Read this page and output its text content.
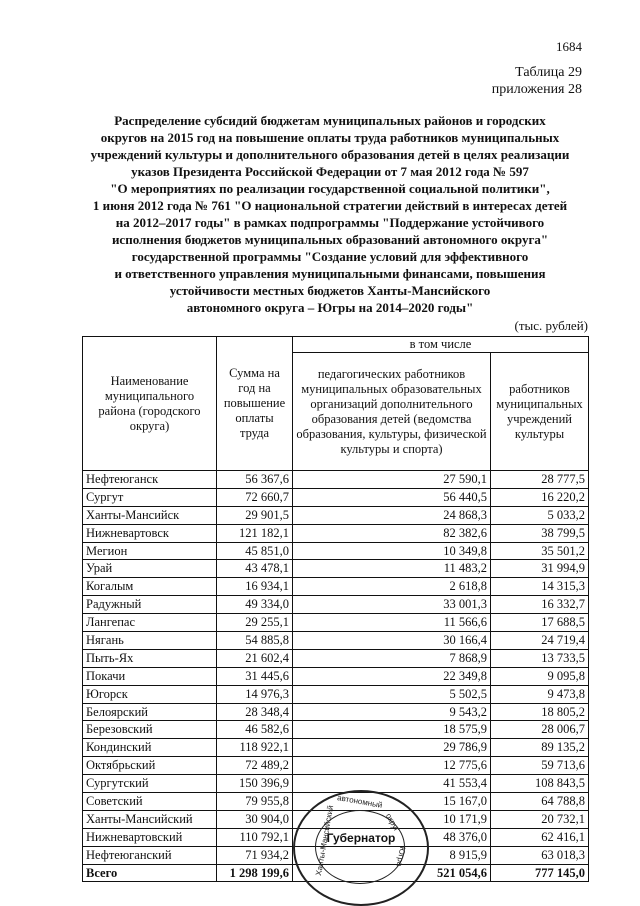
1684
Таблица 29
приложения 28
Распределение субсидий бюджетам муниципальных районов и городских
округов на 2015 год на повышение оплаты труда работников муниципальных
учреждений культуры и дополнительного образования детей в целях реализации
указов Президента Российской Федерации от 7 мая 2012 года № 597
"О мероприятиях по реализации государственной социальной политики",
1 июня 2012 года № 761 "О национальной стратегии действий в интересах детей
на 2012–2017 годы" в рамках подпрограммы "Поддержание устойчивого
исполнения бюджетов муниципальных образований автономного округа"
государственной программы "Создание условий для эффективного
и ответственного управления муниципальными финансами, повышения
устойчивости местных бюджетов Ханты-Мансийского
автономного округа – Югры на 2014–2020 годы"
(тыс. рублей)
Наименование муниципального района (городского округа)	Сумма на год на повышение оплаты труда	в том числе	
		педагогических работников муниципальных образовательных организаций дополнительного образования детей (ведомства образования, культуры, физической культуры и спорта)	работников муниципальных учреждений культуры
Нефтеюганск	56 367,6	27 590,1	28 777,5
Сургут	72 660,7	56 440,5	16 220,2
Ханты-Мансийск	29 901,5	24 868,3	5 033,2
Нижневартовск	121 182,1	82 382,6	38 799,5
Мегион	45 851,0	10 349,8	35 501,2
Урай	43 478,1	11 483,2	31 994,9
Когалым	16 934,1	2 618,8	14 315,3
Радужный	49 334,0	33 001,3	16 332,7
Лангепас	29 255,1	11 566,6	17 688,5
Нягань	54 885,8	30 166,4	24 719,4
Пыть-Ях	21 602,4	7 868,9	13 733,5
Покачи	31 445,6	22 349,8	9 095,8
Югорск	14 976,3	5 502,5	9 473,8
Белоярский	28 348,4	9 543,2	18 805,2
Березовский	46 582,6	18 575,9	28 006,7
Кондинский	118 922,1	29 786,9	89 135,2
Октябрьский	72 489,2	12 775,6	59 713,6
Сургутский	150 396,9	41 553,4	108 843,5
Советский	79 955,8	15 167,0	64 788,8
Ханты-Мансийский	30 904,0	10 171,9	20 732,1
Нижневартовский	110 792,1	48 376,0	62 416,1
Нефтеюганский	71 934,2	8 915,9	63 018,3
Всего	1 298 199,6	521 054,6	777 145,0
автономный
округ
Ханты-Мансийский	Югра
Губернатор
